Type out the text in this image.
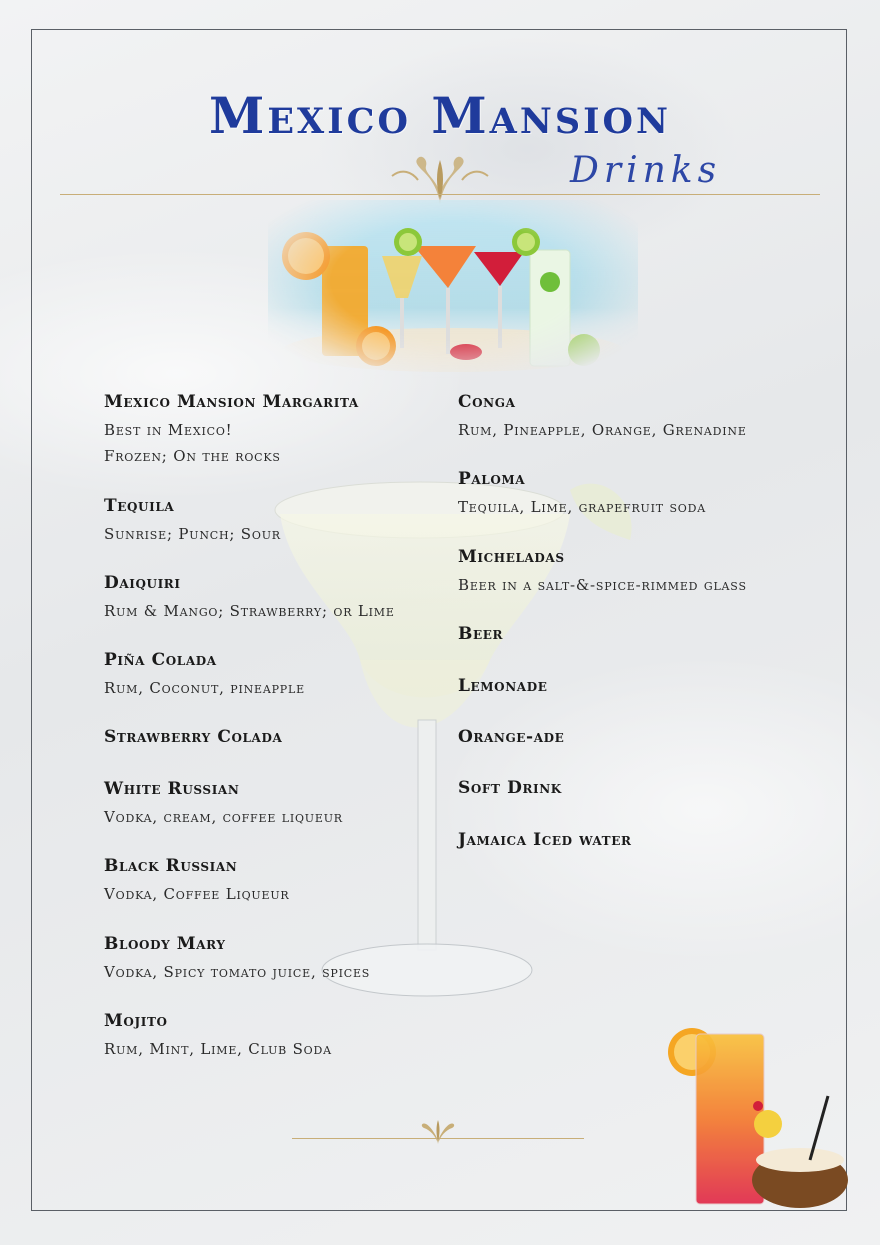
Mexico Mansion
Drinks
Mexico Mansion Margarita
Best in Mexico!
Frozen; On the rocks
Tequila
Sunrise; Punch; Sour
Daiquiri
Rum & Mango; Strawberry; or Lime
Piña Colada
Rum, Coconut, pineapple
Strawberry Colada
White Russian
Vodka, cream, coffee liqueur
Black Russian
Vodka, Coffee Liqueur
Bloody Mary
Vodka, Spicy tomato juice, spices
Mojito
Rum, Mint, Lime, Club Soda
Conga
Rum, Pineapple, Orange, Grenadine
Paloma
Tequila, Lime, grapefruit soda
Micheladas
Beer in a salt-&-spice-rimmed glass
Beer
Lemonade
Orange-ade
Soft Drink
Jamaica Iced water
